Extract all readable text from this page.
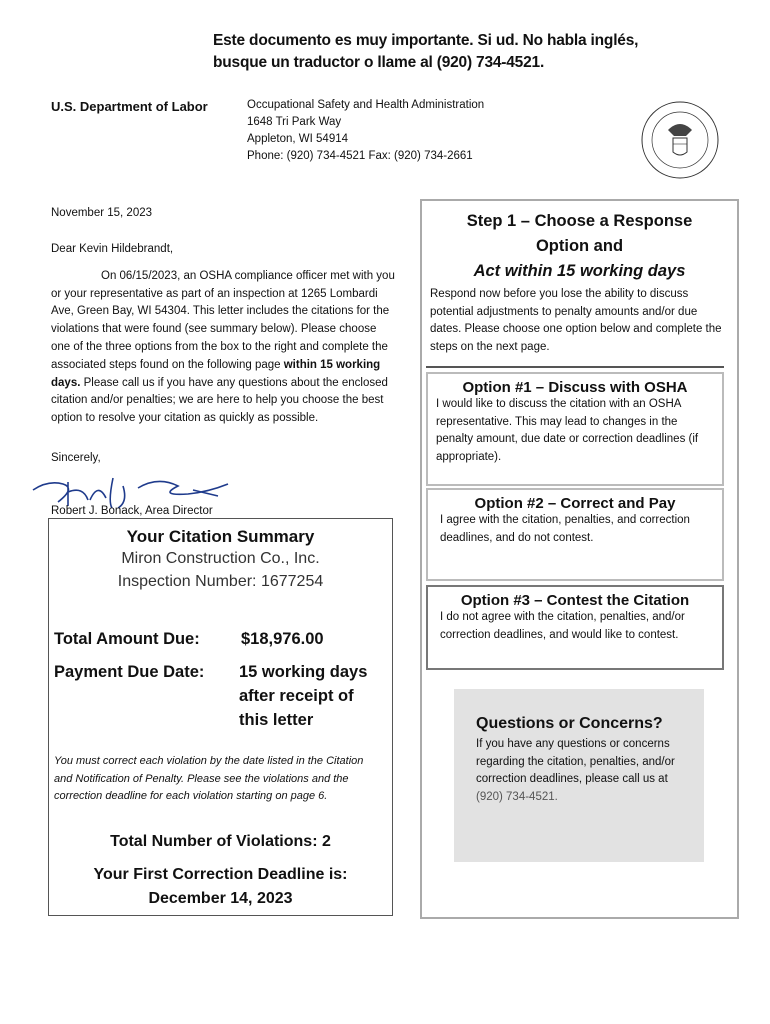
Este documento es muy importante. Si ud. No habla inglés,
busque un traductor o llame al (920) 734-4521.
U.S. Department of Labor	Occupational Safety and Health Administration
1648 Tri Park Way
Appleton, WI 54914
Phone: (920) 734-4521 Fax: (920) 734-2661
November 15, 2023
Dear Kevin Hildebrandt,
On 06/15/2023, an OSHA compliance officer met with you or your representative as part of an inspection at 1265 Lombardi Ave, Green Bay, WI 54304. This letter includes the citations for the violations that were found (see summary below). Please choose one of the three options from the box to the right and complete the associated steps found on the following page within 15 working days. Please call us if you have any questions about the enclosed citation and/or penalties; we are here to help you choose the best option to resolve your citation as quickly as possible.
Sincerely,
Robert J. Bonack, Area Director
Your Citation Summary
Miron Construction Co., Inc.
Inspection Number: 1677254
Total Amount Due:	$18,976.00
Payment Due Date: 15 working days
after receipt of
this letter
You must correct each violation by the date listed in the Citation and Notification of Penalty. Please see the violations and the correction deadline for each violation starting on page 6.
Total Number of Violations: 2
Your First Correction Deadline is:
December 14, 2023
Step 1 – Choose a Response
Option and
Act within 15 working days
Respond now before you lose the ability to discuss potential adjustments to penalty amounts and/or due dates. Please choose one option below and complete the steps on the next page.
Option #1 – Discuss with OSHA

I would like to discuss the citation with an OSHA representative. This may lead to changes in the penalty amount, due date or correction deadlines (if appropriate).

Option #2 – Correct and Pay

I agree with the citation, penalties, and correction deadlines, and do not contest.

Option #3 – Contest the Citation

I do not agree with the citation, penalties, and/or correction deadlines, and would like to contest.

Questions or Concerns?

If you have any questions or concerns regarding the citation, penalties, and/or correction deadlines, please call us at (920) 734-4521.
